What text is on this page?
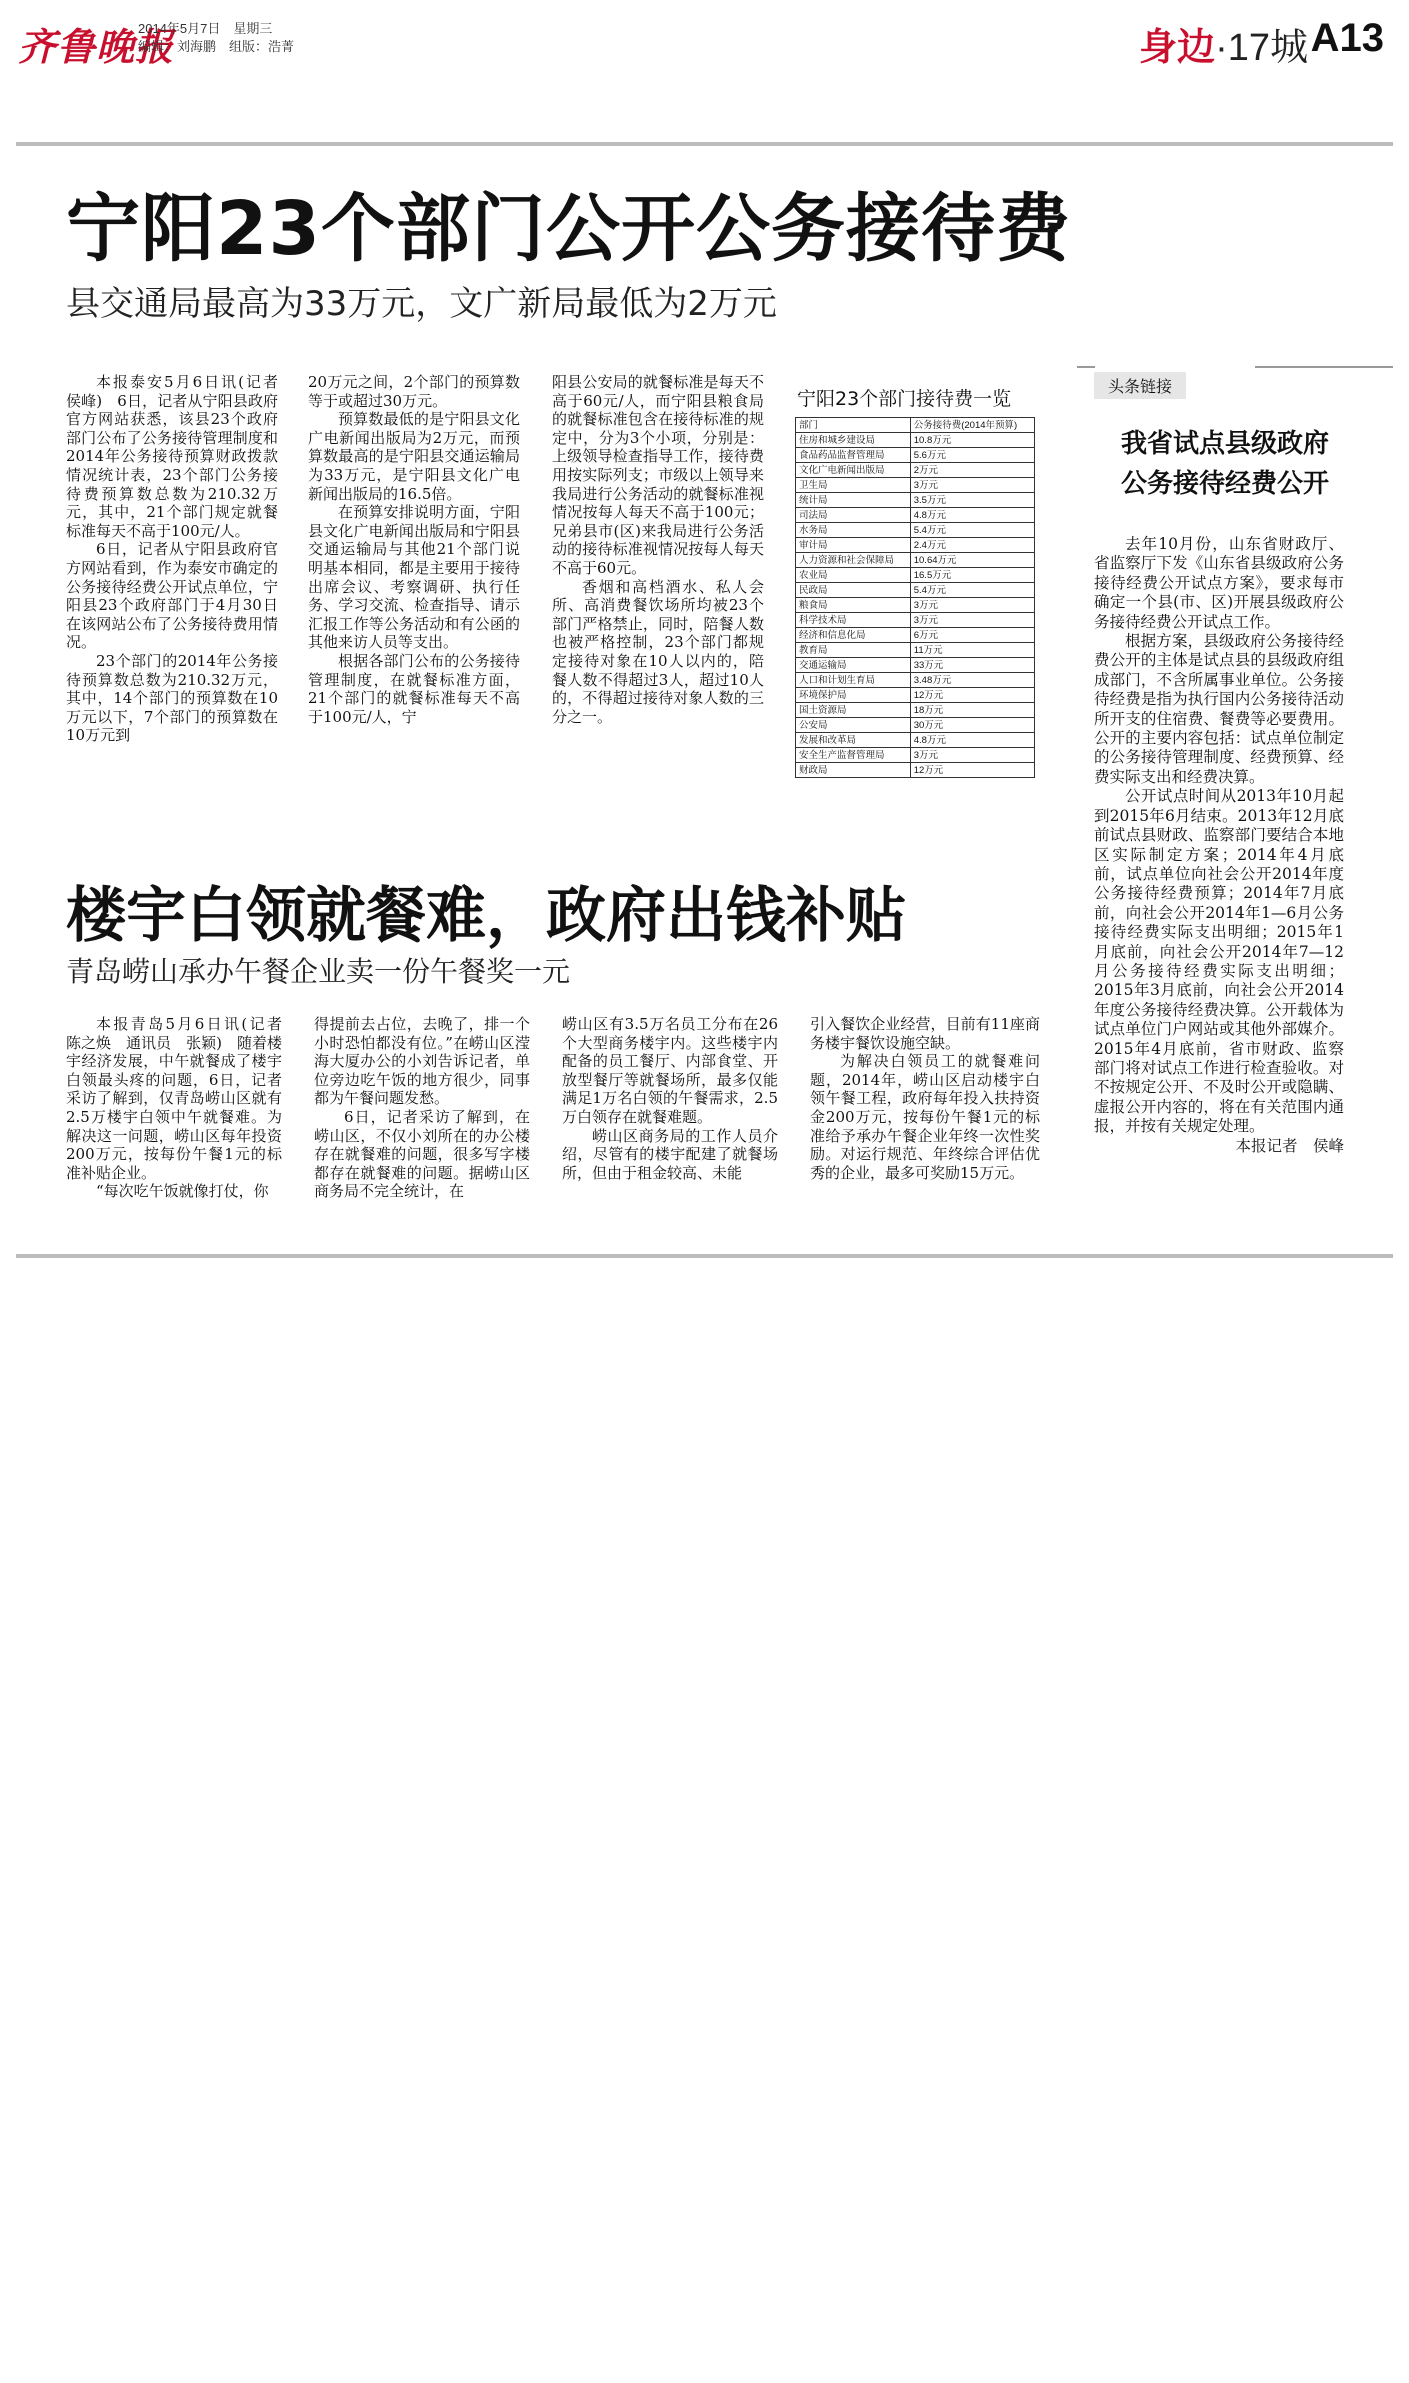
齐鲁晚报
2014年5月7日　星期三
编辑：刘海鹏　组版：浩菁	身边·17城 A13
宁阳23个部门公开公务接待费
县交通局最高为33万元，文广新局最低为2万元

本报泰安5月6日讯(记者　侯峰)　6日，记者从宁阳县政府官方网站获悉，该县23个政府部门公布了公务接待管理制度和2014年公务接待预算财政拨款情况统计表，23个部门公务接待费预算数总数为210.32万元，其中，21个部门规定就餐标准每天不高于100元/人。

6日，记者从宁阳县政府官方网站看到，作为泰安市确定的公务接待经费公开试点单位，宁阳县23个政府部门于4月30日在该网站公布了公务接待费用情况。

23个部门的2014年公务接待预算数总数为210.32万元，其中，14个部门的预算数在10万元以下，7个部门的预算数在10万元到

20万元之间，2个部门的预算数等于或超过30万元。

预算数最低的是宁阳县文化广电新闻出版局为2万元，而预算数最高的是宁阳县交通运输局为33万元，是宁阳县文化广电新闻出版局的16.5倍。

在预算安排说明方面，宁阳县文化广电新闻出版局和宁阳县交通运输局与其他21个部门说明基本相同，都是主要用于接待出席会议、考察调研、执行任务、学习交流、检查指导、请示汇报工作等公务活动和有公函的其他来访人员等支出。

根据各部门公布的公务接待管理制度，在就餐标准方面，21个部门的就餐标准每天不高于100元/人，宁

阳县公安局的就餐标准是每天不高于60元/人，而宁阳县粮食局的就餐标准包含在接待标准的规定中，分为3个小项，分别是：上级领导检查指导工作，接待费用按实际列支；市级以上领导来我局进行公务活动的就餐标准视情况按每人每天不高于100元；兄弟县市(区)来我局进行公务活动的接待标准视情况按每人每天不高于60元。

香烟和高档酒水、私人会所、高消费餐饮场所均被23个部门严格禁止，同时，陪餐人数也被严格控制，23个部门都规定接待对象在10人以内的，陪餐人数不得超过3人，超过10人的，不得超过接待对象人数的三分之一。

宁阳23个部门接待费一览
部门	公务接待费(2014年预算)
住房和城乡建设局	10.8万元
食品药品监督管理局	5.6万元
文化广电新闻出版局	2万元
卫生局	3万元
统计局	3.5万元
司法局	4.8万元
水务局	5.4万元
审计局	2.4万元
人力资源和社会保障局	10.64万元
农业局	16.5万元
民政局	5.4万元
粮食局	3万元
科学技术局	3万元
经济和信息化局	6万元
教育局	11万元
交通运输局	33万元
人口和计划生育局	3.48万元
环境保护局	12万元
国土资源局	18万元
公安局	30万元
发展和改革局	4.8万元
安全生产监督管理局	3万元
财政局	12万元
头条链接
我省试点县级政府
公务接待经费公开

去年10月份，山东省财政厅、省监察厅下发《山东省县级政府公务接待经费公开试点方案》，要求每市确定一个县(市、区)开展县级政府公务接待经费公开试点工作。

根据方案，县级政府公务接待经费公开的主体是试点县的县级政府组成部门，不含所属事业单位。公务接待经费是指为执行国内公务接待活动所开支的住宿费、餐费等必要费用。公开的主要内容包括：试点单位制定的公务接待管理制度、经费预算、经费实际支出和经费决算。

公开试点时间从2013年10月起到2015年6月结束。2013年12月底前试点县财政、监察部门要结合本地区实际制定方案；2014年4月底前，试点单位向社会公开2014年度公务接待经费预算；2014年7月底前，向社会公开2014年1—6月公务接待经费实际支出明细；2015年1月底前，向社会公开2014年7—12月公务接待经费实际支出明细；2015年3月底前，向社会公开2014年度公务接待经费决算。公开载体为试点单位门户网站或其他外部媒介。2015年4月底前，省市财政、监察部门将对试点工作进行检查验收。对不按规定公开、不及时公开或隐瞒、虚报公开内容的，将在有关范围内通报，并按有关规定处理。

本报记者　侯峰

楼宇白领就餐难，政府出钱补贴
青岛崂山承办午餐企业卖一份午餐奖一元

本报青岛5月6日讯(记者　陈之焕　通讯员　张颖)　随着楼宇经济发展，中午就餐成了楼宇白领最头疼的问题，6日，记者采访了解到，仅青岛崂山区就有2.5万楼宇白领中午就餐难。为解决这一问题，崂山区每年投资200万元，按每份午餐1元的标准补贴企业。

“每次吃午饭就像打仗，你

得提前去占位，去晚了，排一个小时恐怕都没有位。”在崂山区滢海大厦办公的小刘告诉记者，单位旁边吃午饭的地方很少，同事都为午餐问题发愁。

6日，记者采访了解到，在崂山区，不仅小刘所在的办公楼存在就餐难的问题，很多写字楼都存在就餐难的问题。据崂山区商务局不完全统计，在

崂山区有3.5万名员工分布在26个大型商务楼宇内。这些楼宇内配备的员工餐厅、内部食堂、开放型餐厅等就餐场所，最多仅能满足1万名白领的午餐需求，2.5万白领存在就餐难题。

崂山区商务局的工作人员介绍，尽管有的楼宇配建了就餐场所，但由于租金较高、未能

引入餐饮企业经营，目前有11座商务楼宇餐饮设施空缺。

为解决白领员工的就餐难问题，2014年，崂山区启动楼宇白领午餐工程，政府每年投入扶持资金200万元，按每份午餐1元的标准给予承办午餐企业年终一次性奖励。对运行规范、年终综合评估优秀的企业，最多可奖励15万元。
